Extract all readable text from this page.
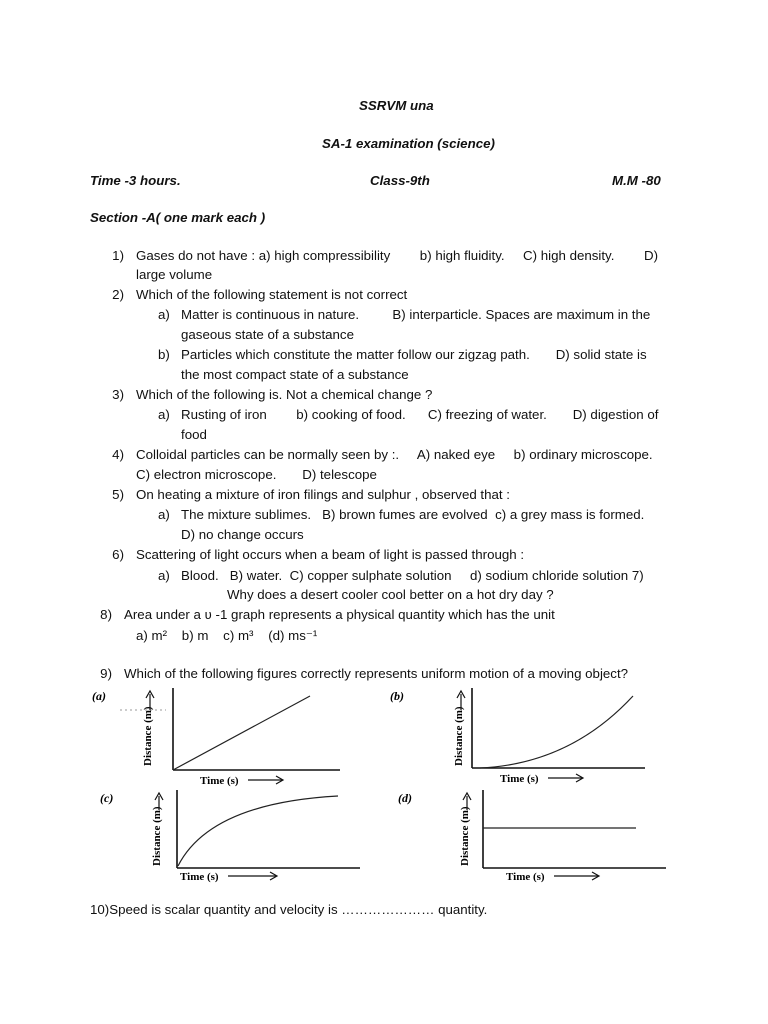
SSRVM una
SA-1 examination (science)
Time -3 hours.	Class-9th	M.M -80
Section -A( one mark each )
1) Gases do not have : a) high compressibility        b) high fluidity.     C) high density.        D)
large volume
2) Which of the following statement is not correct
a) Matter is continuous in nature.         B) interparticle. Spaces are maximum in the
gaseous state of a substance
b) Particles which constitute the matter follow our zigzag path.       D) solid state is
the most compact state of a substance
3) Which of the following is. Not a chemical change ?
a) Rusting of iron        b) cooking of food.      C) freezing of water.       D) digestion of
food
4) Colloidal particles can be normally seen by :.     A) naked eye     b) ordinary microscope.
C) electron microscope.       D) telescope
5) On heating a mixture of iron filings and sulphur , observed that :
a) The mixture sublimes.   B) brown fumes are evolved  c) a grey mass is formed.
D) no change occurs
6) Scattering of light occurs when a beam of light is passed through :
a) Blood.   B) water.  C) copper sulphate solution     d) sodium chloride solution 7)
Why does a desert cooler cool better on a hot dry day ?
8) Area under a ʋ -1 graph represents a physical quantity which has the unit
a) m²    b) m    c) m³    (d) ms⁻¹
9) Which of the following figures correctly represents uniform motion of a moving object?
(a)
Distance (m)
Time (s)
(b)
Distance (m)
Time (s)
(c)
Distance (m)
Time (s)
(d)
Distance (m)
Time (s)
10)Speed is scalar quantity and velocity is ………………… quantity.
